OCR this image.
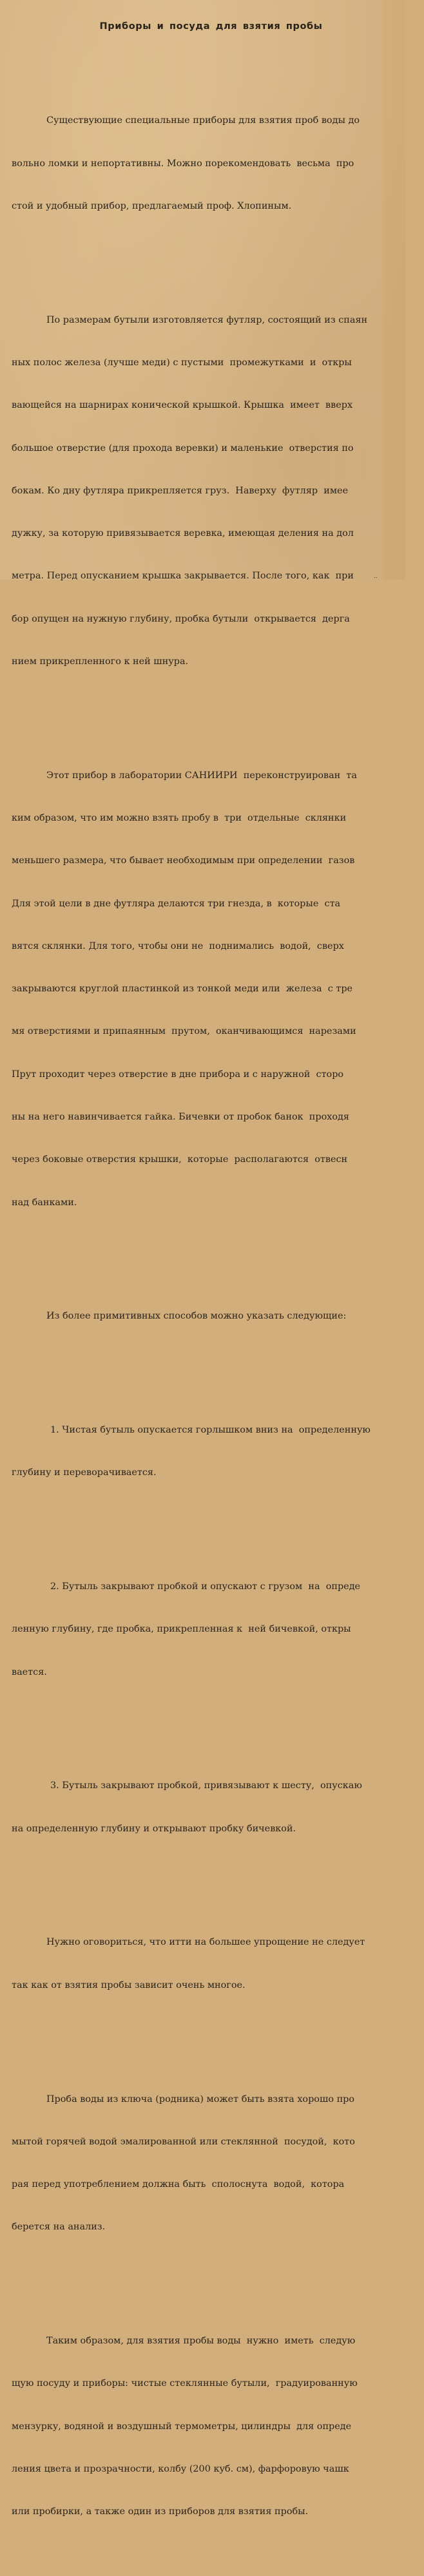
Приборы и посуда для взятия пробы

Существующие специальные приборы для взятия проб воды до

вольно ломки и непортативны. Можно порекомендовать  весьма  про

стой и удобный прибор, предлагаемый проф. Хлопиным.

По размерам бутыли изготовляется футляр, состоящий из спаян

ных полос железа (лучше меди) с пустыми  промежутками  и  откры

вающейся на шарнирах конической крышкой. Крышка  имеет  вверх

большое отверстие (для прохода веревки) и маленькие  отверстия по

бокам. Ко дну футляра прикрепляется груз.  Наверху  футляр  имее

дужку, за которую привязывается веревка, имеющая деления на дол

метра. Перед опусканием крышка закрывается. После того, как  при

бор опущен на нужную глубину, пробка бутыли  открывается  дерга

нием прикрепленного к ней шнура.

Этот прибор в лаборатории САНИИРИ  переконструирован  та

ким образом, что им можно взять пробу в  три  отдельные  склянки

меньшего размера, что бывает необходимым при определении  газов

Для этой цели в дне футляра делаются три гнезда, в  которые  ста

вятся склянки. Для того, чтобы они не  поднимались  водой,  сверх

закрываются круглой пластинкой из тонкой меди или  железа  с тре

мя отверстиями и припаянным  прутом,  оканчивающимся  нарезами

Прут проходит через отверстие в дне прибора и с наружной  сторо

ны на него навинчивается гайка. Бичевки от пробок банок  проходя

через боковые отверстия крышки,  которые  располагаются  отвесн

над банками.

Из более примитивных способов можно указать следующие:

1. Чистая бутыль опускается горлышком вниз на  определенную

глубину и переворачивается.

2. Бутыль закрывают пробкой и опускают с грузом  на  опреде

ленную глубину, где пробка, прикрепленная к  ней бичевкой, откры

вается.

3. Бутыль закрывают пробкой, привязывают к шесту,  опускаю

на определенную глубину и открывают пробку бичевкой.

Нужно оговориться, что итти на большее упрощение не следует

так как от взятия пробы зависит очень многое.

Проба воды из ключа (родника) может быть взята хорошо про

мытой горячей водой эмалированной или стеклянной  посудой,  кото

рая перед употреблением должна быть  сполоснута  водой,  котора

берется на анализ.

Таким образом, для взятия пробы воды  нужно  иметь  следую

щую посуду и приборы: чистые стеклянные бутыли,  градуированную

мензурку, водяной и воздушный термометры, цилиндры  для опреде

ления цвета и прозрачности, колбу (200 куб. см), фарфоровую чашк

или пробирки, а также один из приборов для взятия пробы.

..
